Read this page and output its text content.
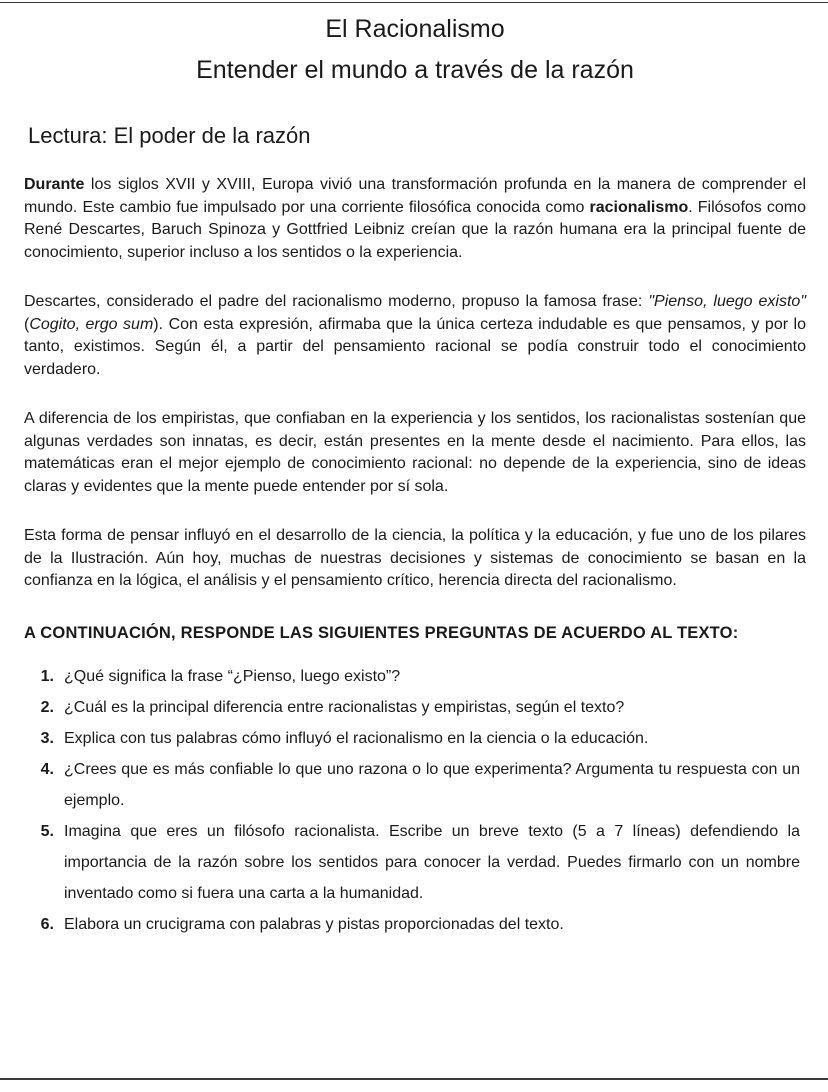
El Racionalismo
Entender el mundo a través de la razón
Lectura: El poder de la razón

Durante los siglos XVII y XVIII, Europa vivió una transformación profunda en la manera de comprender el mundo. Este cambio fue impulsado por una corriente filosófica conocida como racionalismo. Filósofos como René Descartes, Baruch Spinoza y Gottfried Leibniz creían que la razón humana era la principal fuente de conocimiento, superior incluso a los sentidos o la experiencia.

Descartes, considerado el padre del racionalismo moderno, propuso la famosa frase: "Pienso, luego existo" (Cogito, ergo sum). Con esta expresión, afirmaba que la única certeza indudable es que pensamos, y por lo tanto, existimos. Según él, a partir del pensamiento racional se podía construir todo el conocimiento verdadero.

A diferencia de los empiristas, que confiaban en la experiencia y los sentidos, los racionalistas sostenían que algunas verdades son innatas, es decir, están presentes en la mente desde el nacimiento. Para ellos, las matemáticas eran el mejor ejemplo de conocimiento racional: no depende de la experiencia, sino de ideas claras y evidentes que la mente puede entender por sí sola.

Esta forma de pensar influyó en el desarrollo de la ciencia, la política y la educación, y fue uno de los pilares de la Ilustración. Aún hoy, muchas de nuestras decisiones y sistemas de conocimiento se basan en la confianza en la lógica, el análisis y el pensamiento crítico, herencia directa del racionalismo.

A CONTINUACIÓN, RESPONDE LAS SIGUIENTES PREGUNTAS DE ACUERDO AL TEXTO:

1. ¿Qué significa la frase “¿Pienso, luego existo”?
2. ¿Cuál es la principal diferencia entre racionalistas y empiristas, según el texto?
3. Explica con tus palabras cómo influyó el racionalismo en la ciencia o la educación.
4. ¿Crees que es más confiable lo que uno razona o lo que experimenta? Argumenta tu respuesta con un ejemplo.
5. Imagina que eres un filósofo racionalista. Escribe un breve texto (5 a 7 líneas) defendiendo la importancia de la razón sobre los sentidos para conocer la verdad. Puedes firmarlo con un nombre inventado como si fuera una carta a la humanidad.
6. Elabora un crucigrama con palabras y pistas proporcionadas del texto.
